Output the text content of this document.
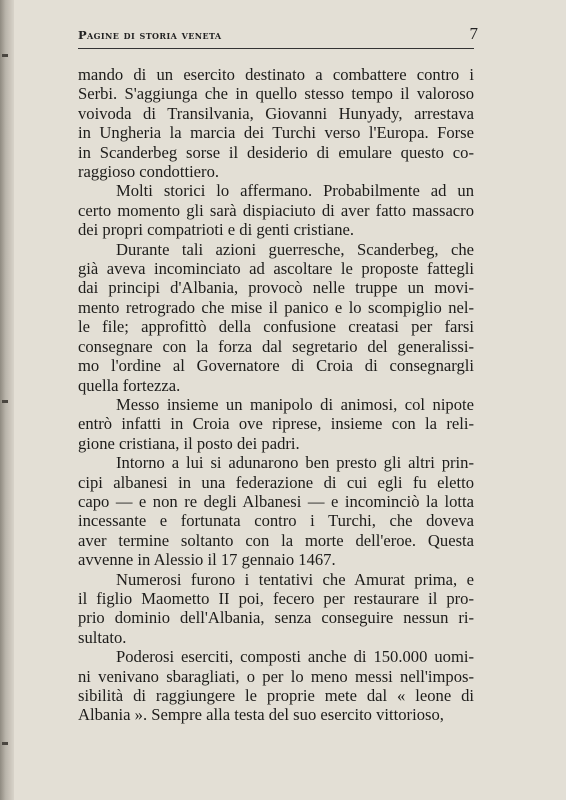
Pagine di storia veneta	7
mando di un esercito destinato a combattere contro i
Serbi. S'aggiunga che in quello stesso tempo il valoroso
voivoda di Transilvania, Giovanni Hunyady, arrestava
in Ungheria la marcia dei Turchi verso l'Europa. Forse
in Scanderbeg sorse il desiderio di emulare questo co-
raggioso condottiero.
Molti storici lo affermano. Probabilmente ad un
certo momento gli sarà dispiaciuto di aver fatto massacro
dei propri compatrioti e di genti cristiane.
Durante tali azioni guerresche, Scanderbeg, che
già aveva incominciato ad ascoltare le proposte fattegli
dai principi d'Albania, provocò nelle truppe un movi-
mento retrogrado che mise il panico e lo scompiglio nel-
le file; approfittò della confusione creatasi per farsi
consegnare con la forza dal segretario del generalissi-
mo l'ordine al Governatore di Croia di consegnargli
quella fortezza.
Messo insieme un manipolo di animosi, col nipote
entrò infatti in Croia ove riprese, insieme con la reli-
gione cristiana, il posto dei padri.
Intorno a lui si adunarono ben presto gli altri prin-
cipi albanesi in una federazione di cui egli fu eletto
capo — e non re degli Albanesi — e incominciò la lotta
incessante e fortunata contro i Turchi, che doveva
aver termine soltanto con la morte dell'eroe. Questa
avvenne in Alessio il 17 gennaio 1467.
Numerosi furono i tentativi che Amurat prima, e
il figlio Maometto II poi, fecero per restaurare il pro-
prio dominio dell'Albania, senza conseguire nessun ri-
sultato.
Poderosi eserciti, composti anche di 150.000 uomi-
ni venivano sbaragliati, o per lo meno messi nell'impos-
sibilità di raggiungere le proprie mete dal « leone di
Albania ». Sempre alla testa del suo esercito vittorioso,
